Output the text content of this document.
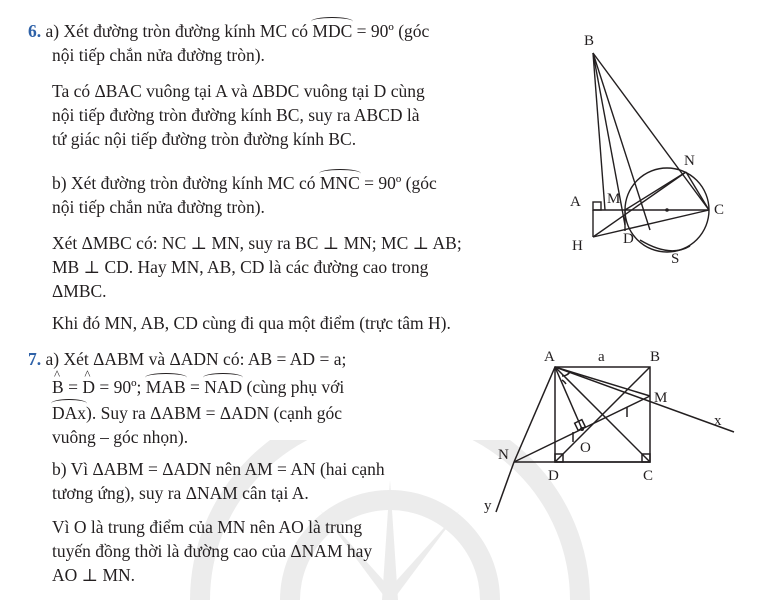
6. a) Xét đường tròn đường kính MC có MDC = 90º (góc
nội tiếp chắn nửa đường tròn).
Ta có ΔBAC vuông tại A và ΔBDC vuông tại D cùng
nội tiếp đường tròn đường kính BC, suy ra ABCD là
tứ giác nội tiếp đường tròn đường kính BC.
b) Xét đường tròn đường kính MC có MNC = 90º (góc
nội tiếp chắn nửa đường tròn).
Xét ΔMBC có: NC ⊥ MN, suy ra BC ⊥ MN; MC ⊥ AB;
MB ⊥ CD. Hay MN, AB, CD là các đường cao trong
ΔMBC.
Khi đó MN, AB, CD cùng đi qua một điểm (trực tâm H).
7. a) Xét ΔABM và ΔADN có: AB = AD = a;
^ B = ^ D = 90º; MAB = NAD (cùng phụ với
DAx). Suy ra ΔABM = ΔADN (cạnh góc
vuông – góc nhọn).
b) Vì ΔABM = ΔADN nên AM = AN (hai cạnh
tương ứng), suy ra ΔNAM cân tại A.
Vì O là trung điểm của MN nên AO là trung
tuyến đồng thời là đường cao của ΔNAM hay
AO ⊥ MN.
B
N
A M
C
H	D
S
A	a	B
M
x
N	O
D	C
y
